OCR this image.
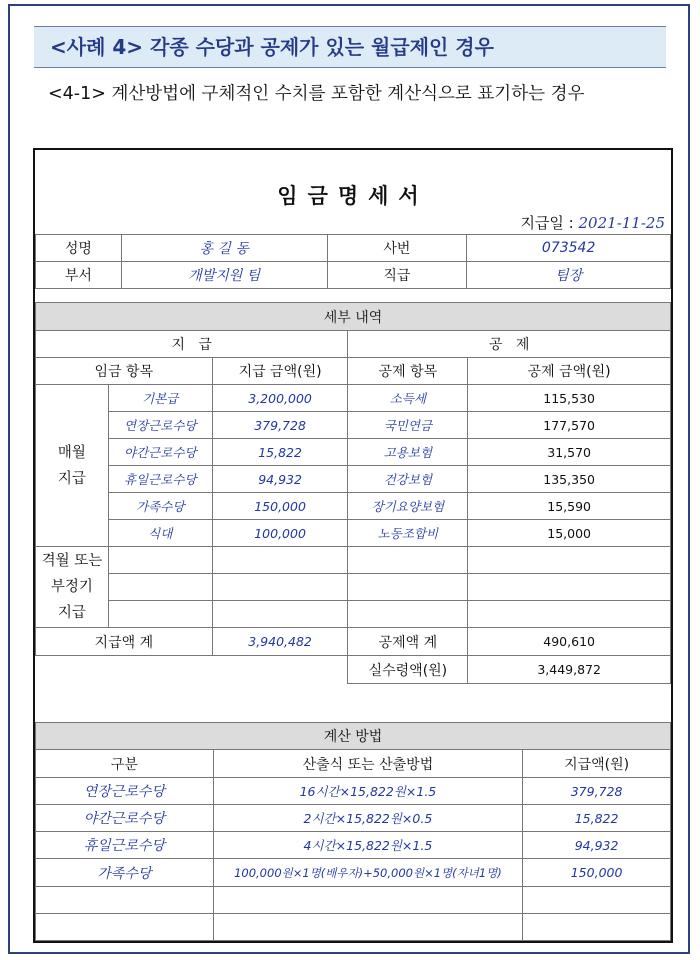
<사례 4> 각종 수당과 공제가 있는 월급제인 경우
<4-1> 계산방법에 구체적인 수치를 포함한 계산식으로 표기하는 경우
임금명세서
지급일 : 2021-11-25
성명	홍 길 동	사번	073542
부서	개발지원 팀	직급	팀장
세부 내역				
지   급			공   제	
임금 항목		지급 금액(원)	공제 항목	공제 금액(원)

매월
지급	기본급	3,200,000	소득세	115,530
	연장근로수당	379,728	국민연금	177,570
	야간근로수당	15,822	고용보험	31,570
	휴일근로수당	94,932	건강보험	135,350
	가족수당	150,000	장기요양보험	15,590
	식대	100,000	노동조합비	15,000

격월 또는
부정기
지급				

지급액 계		3,940,482	공제액 계	490,610
			실수령액(원)	3,449,872
계산 방법		
구분	산출식 또는 산출방법	지급액(원)
연장근로수당	16시간×15,822원×1.5	379,728
야간근로수당	2시간×15,822원×0.5	15,822
휴일근로수당	4시간×15,822원×1.5	94,932
가족수당	100,000원×1명(배우자)+50,000원×1명(자녀1명)	150,000
